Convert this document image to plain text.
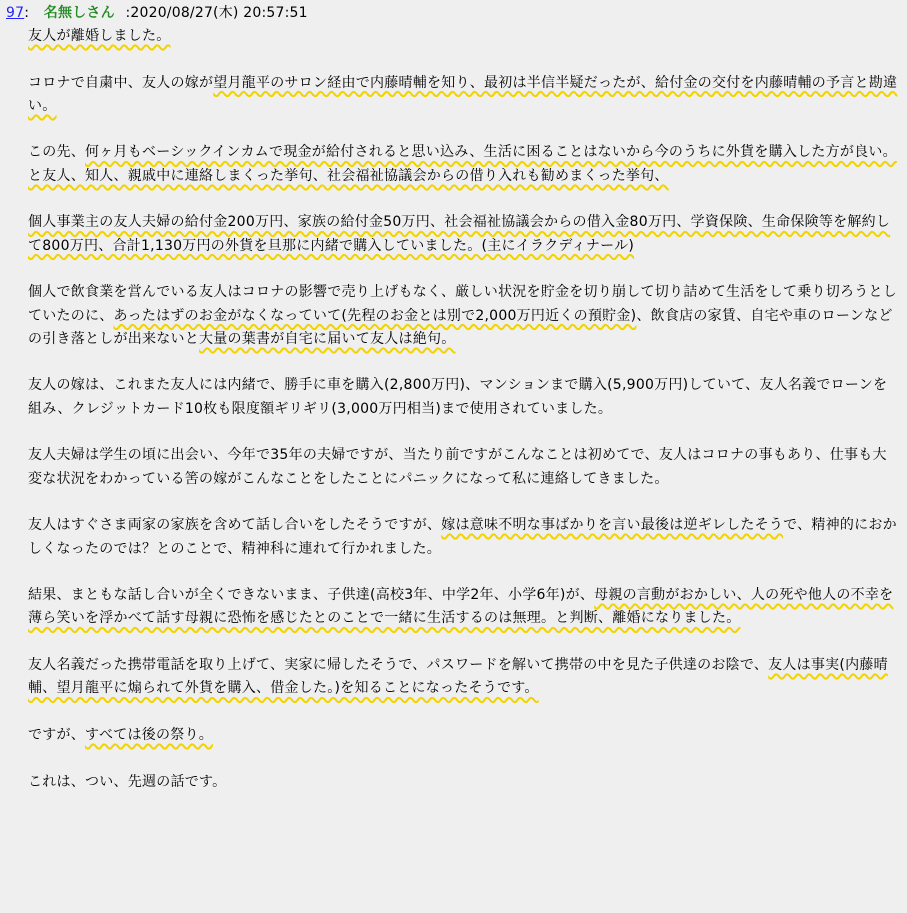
97: 名無しさん :2020/08/27(木) 20:57:51
友人が離婚しました。
コロナで自粛中、友人の嫁が望月龍平のサロン経由で内藤晴輔を知り、最初は半信半疑だったが、給付金の交付を内藤晴輔の予言と勘違い。
この先、何ヶ月もベーシックインカムで現金が給付されると思い込み、生活に困ることはないから今のうちに外貨を購入した方が良い。と友人、知人、親戚中に連絡しまくった挙句、社会福祉協議会からの借り入れも勧めまくった挙句、
個人事業主の友人夫婦の給付金200万円、家族の給付金50万円、社会福祉協議会からの借入金80万円、学資保険、生命保険等を解約して800万円、合計1,130万円の外貨を旦那に内緒で購入していました。(主にイラクディナール)
個人で飲食業を営んでいる友人はコロナの影響で売り上げもなく、厳しい状況を貯金を切り崩して切り詰めて生活をして乗り切ろうとしていたのに、あったはずのお金がなくなっていて(先程のお金とは別で2,000万円近くの預貯金)、飲食店の家賃、自宅や車のローンなどの引き落としが出来ないと大量の葉書が自宅に届いて友人は絶句。
友人の嫁は、これまた友人には内緒で、勝手に車を購入(2,800万円)、マンションまで購入(5,900万円)していて、友人名義でローンを組み、クレジットカード10枚も限度額ギリギリ(3,000万円相当)まで使用されていました。
友人夫婦は学生の頃に出会い、今年で35年の夫婦ですが、当たり前ですがこんなことは初めてで、友人はコロナの事もあり、仕事も大変な状況をわかっている筈の嫁がこんなことをしたことにパニックになって私に連絡してきました。
友人はすぐさま両家の家族を含めて話し合いをしたそうですが、嫁は意味不明な事ばかりを言い最後は逆ギレしたそうで、精神的におかしくなったのでは？とのことで、精神科に連れて行かれました。
結果、まともな話し合いが全くできないまま、子供達(高校3年、中学2年、小学6年)が、母親の言動がおかしい、人の死や他人の不幸を薄ら笑いを浮かべて話す母親に恐怖を感じたとのことで一緒に生活するのは無理。と判断、離婚になりました。
友人名義だった携帯電話を取り上げて、実家に帰したそうで、パスワードを解いて携帯の中を見た子供達のお陰で、友人は事実(内藤晴輔、望月龍平に煽られて外貨を購入、借金した。)を知ることになったそうです。
ですが、すべては後の祭り。
これは、つい、先週の話です。
